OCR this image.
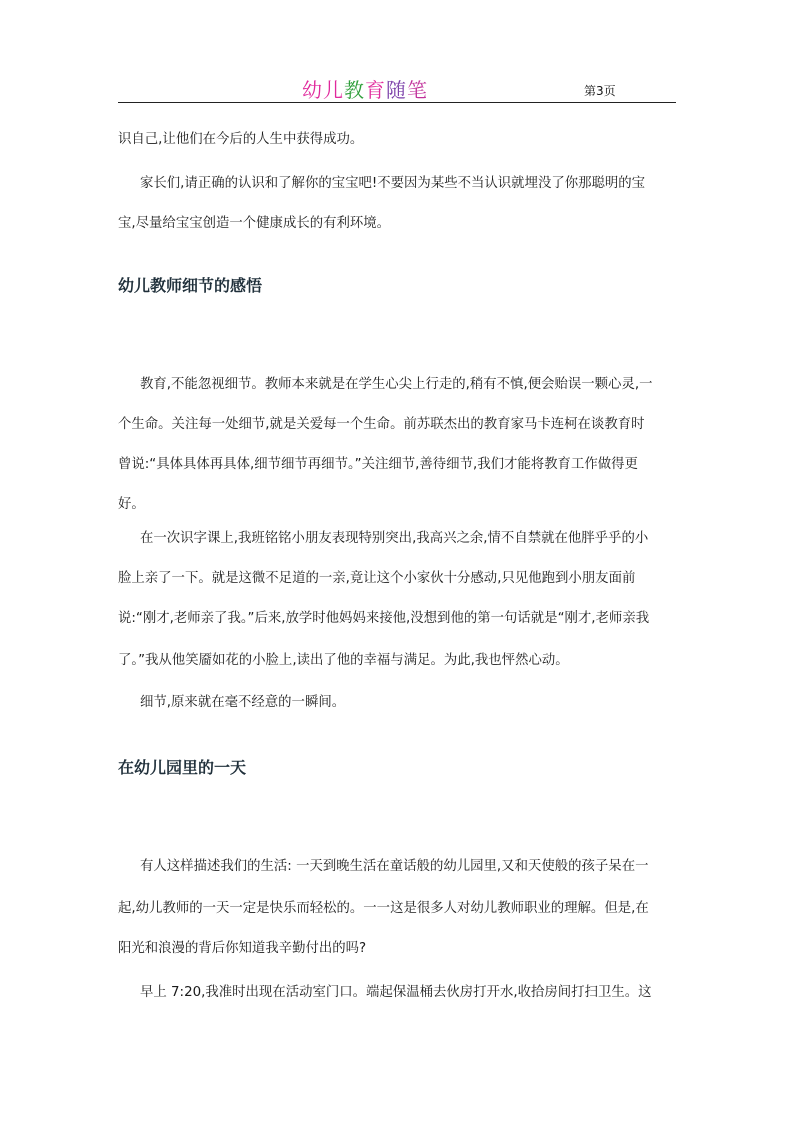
幼儿教育随笔	第3页
识自己,让他们在今后的人生中获得成功。
家长们,请正确的认识和了解你的宝宝吧!不要因为某些不当认识就埋没了你那聪明的宝
宝,尽量给宝宝创造一个健康成长的有利环境。
幼儿教师细节的感悟
教育,不能忽视细节。教师本来就是在学生心尖上行走的,稍有不慎,便会贻误一颗心灵,一
个生命。关注每一处细节,就是关爱每一个生命。前苏联杰出的教育家马卡连柯在谈教育时
曾说:“具体具体再具体,细节细节再细节。”关注细节,善待细节,我们才能将教育工作做得更
好。
在一次识字课上,我班铭铭小朋友表现特别突出,我高兴之余,情不自禁就在他胖乎乎的小
脸上亲了一下。就是这微不足道的一亲,竟让这个小家伙十分感动,只见他跑到小朋友面前
说:“刚才,老师亲了我。”后来,放学时他妈妈来接他,没想到他的第一句话就是“刚才,老师亲我
了。”我从他笑靥如花的小脸上,读出了他的幸福与满足。为此,我也怦然心动。
细节,原来就在毫不经意的一瞬间。
在幼儿园里的一天
有人这样描述我们的生活: 一天到晚生活在童话般的幼儿园里,又和天使般的孩子呆在一
起,幼儿教师的一天一定是快乐而轻松的。一一这是很多人对幼儿教师职业的理解。但是,在
阳光和浪漫的背后你知道我辛勤付出的吗?
早上 7:20,我准时出现在活动室门口。端起保温桶去伙房打开水,收拾房间打扫卫生。这
